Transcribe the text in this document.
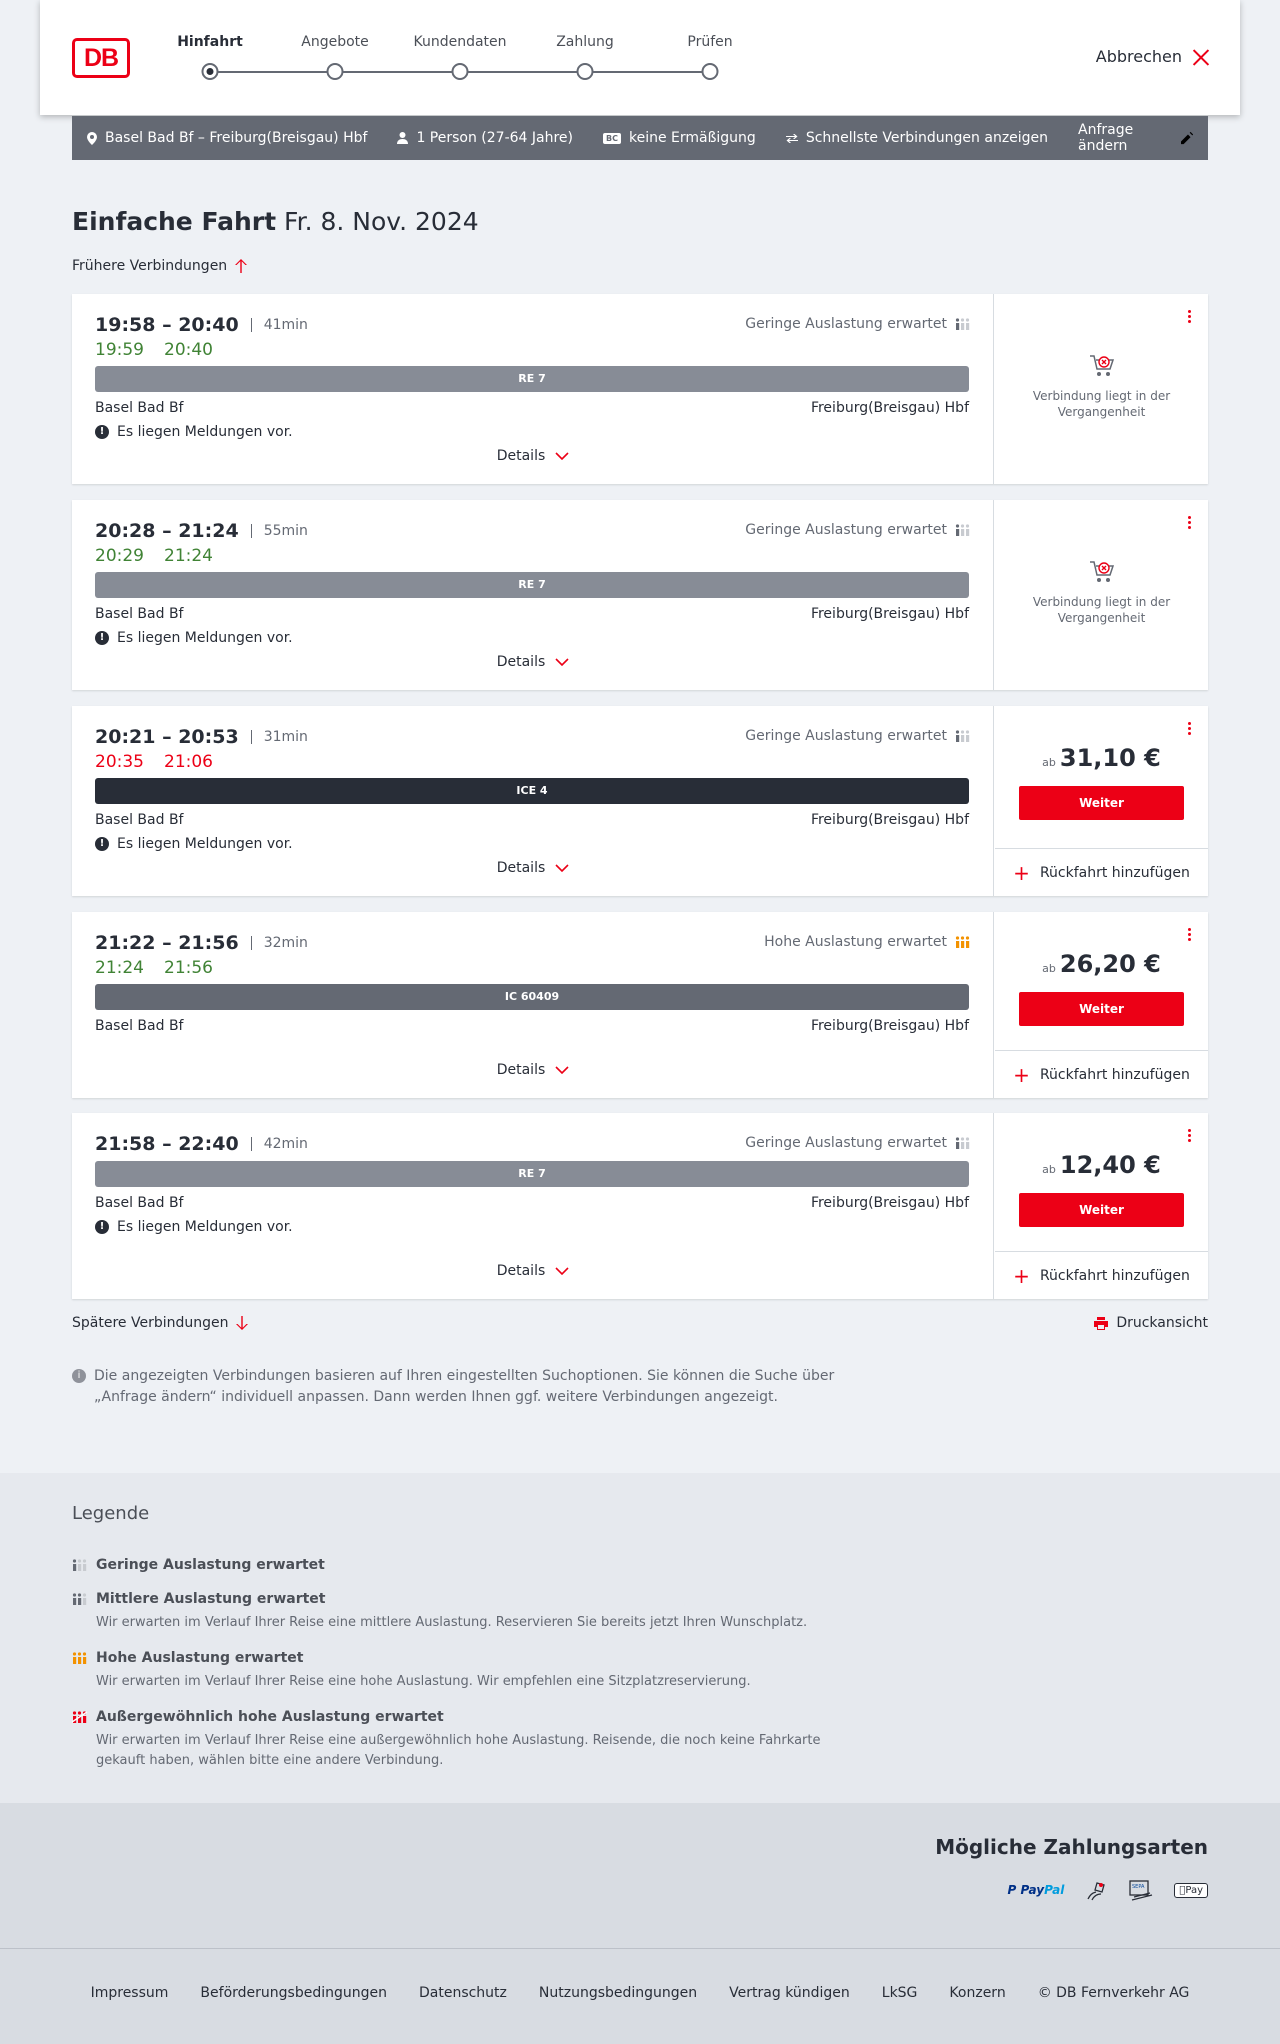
DB
Hinfahrt	Angebote	Kundendaten	Zahlung	Prüfen
Abbrechen
Basel Bad Bf – Freiburg(Breisgau) Hbf	1 Person (27-64 Jahre)	BC keine Ermäßigung	Schnellste Verbindungen anzeigen Anfrage ändern
Einfache Fahrt Fr. 8. Nov. 2024
Frühere Verbindungen
19:58 – 20:40	41min
19:59 20:40
Geringe Auslastung erwartet
RE 7
Basel Bad Bf	Freiburg(Breisgau) Hbf
! Es liegen Meldungen vor.
Details
Verbindung liegt in der Vergangenheit
20:28 – 21:24	55min
20:29 21:24
Geringe Auslastung erwartet
RE 7
Basel Bad Bf	Freiburg(Breisgau) Hbf
! Es liegen Meldungen vor.
Details
Verbindung liegt in der Vergangenheit
20:21 – 20:53	31min
20:35 21:06
Geringe Auslastung erwartet
ICE 4
Basel Bad Bf	Freiburg(Breisgau) Hbf
! Es liegen Meldungen vor.
Details
ab 31,10 €
Weiter
+ Rückfahrt hinzufügen
21:22 – 21:56	32min
21:24 21:56
Hohe Auslastung erwartet
IC 60409
Basel Bad Bf	Freiburg(Breisgau) Hbf
Details
ab 26,20 €
Weiter
+ Rückfahrt hinzufügen
21:58 – 22:40	42min	Geringe Auslastung erwartet
RE 7
Basel Bad Bf	Freiburg(Breisgau) Hbf
! Es liegen Meldungen vor.
Details
ab 12,40 €
Weiter
+ Rückfahrt hinzufügen
Spätere Verbindungen	Druckansicht
i Die angezeigten Verbindungen basieren auf Ihren eingestellten Suchoptionen. Sie können die Suche über „Anfrage ändern“ individuell anpassen. Dann werden Ihnen ggf. weitere Verbindungen angezeigt.
Legende
Geringe Auslastung erwartet
Mittlere Auslastung erwartet
Wir erwarten im Verlauf Ihrer Reise eine mittlere Auslastung. Reservieren Sie bereits jetzt Ihren Wunschplatz.
Hohe Auslastung erwartet
Wir erwarten im Verlauf Ihrer Reise eine hohe Auslastung. Wir empfehlen eine Sitzplatzreservierung.
Außergewöhnlich hohe Auslastung erwartet
Wir erwarten im Verlauf Ihrer Reise eine außergewöhnlich hohe Auslastung. Reisende, die noch keine Fahrkarte gekauft haben, wählen bitte eine andere Verbindung.
Mögliche Zahlungsarten
P PayPal	SEPA	Pay
Impressum Beförderungsbedingungen Datenschutz Nutzungsbedingungen Vertrag kündigen LkSG Konzern © DB Fernverkehr AG
